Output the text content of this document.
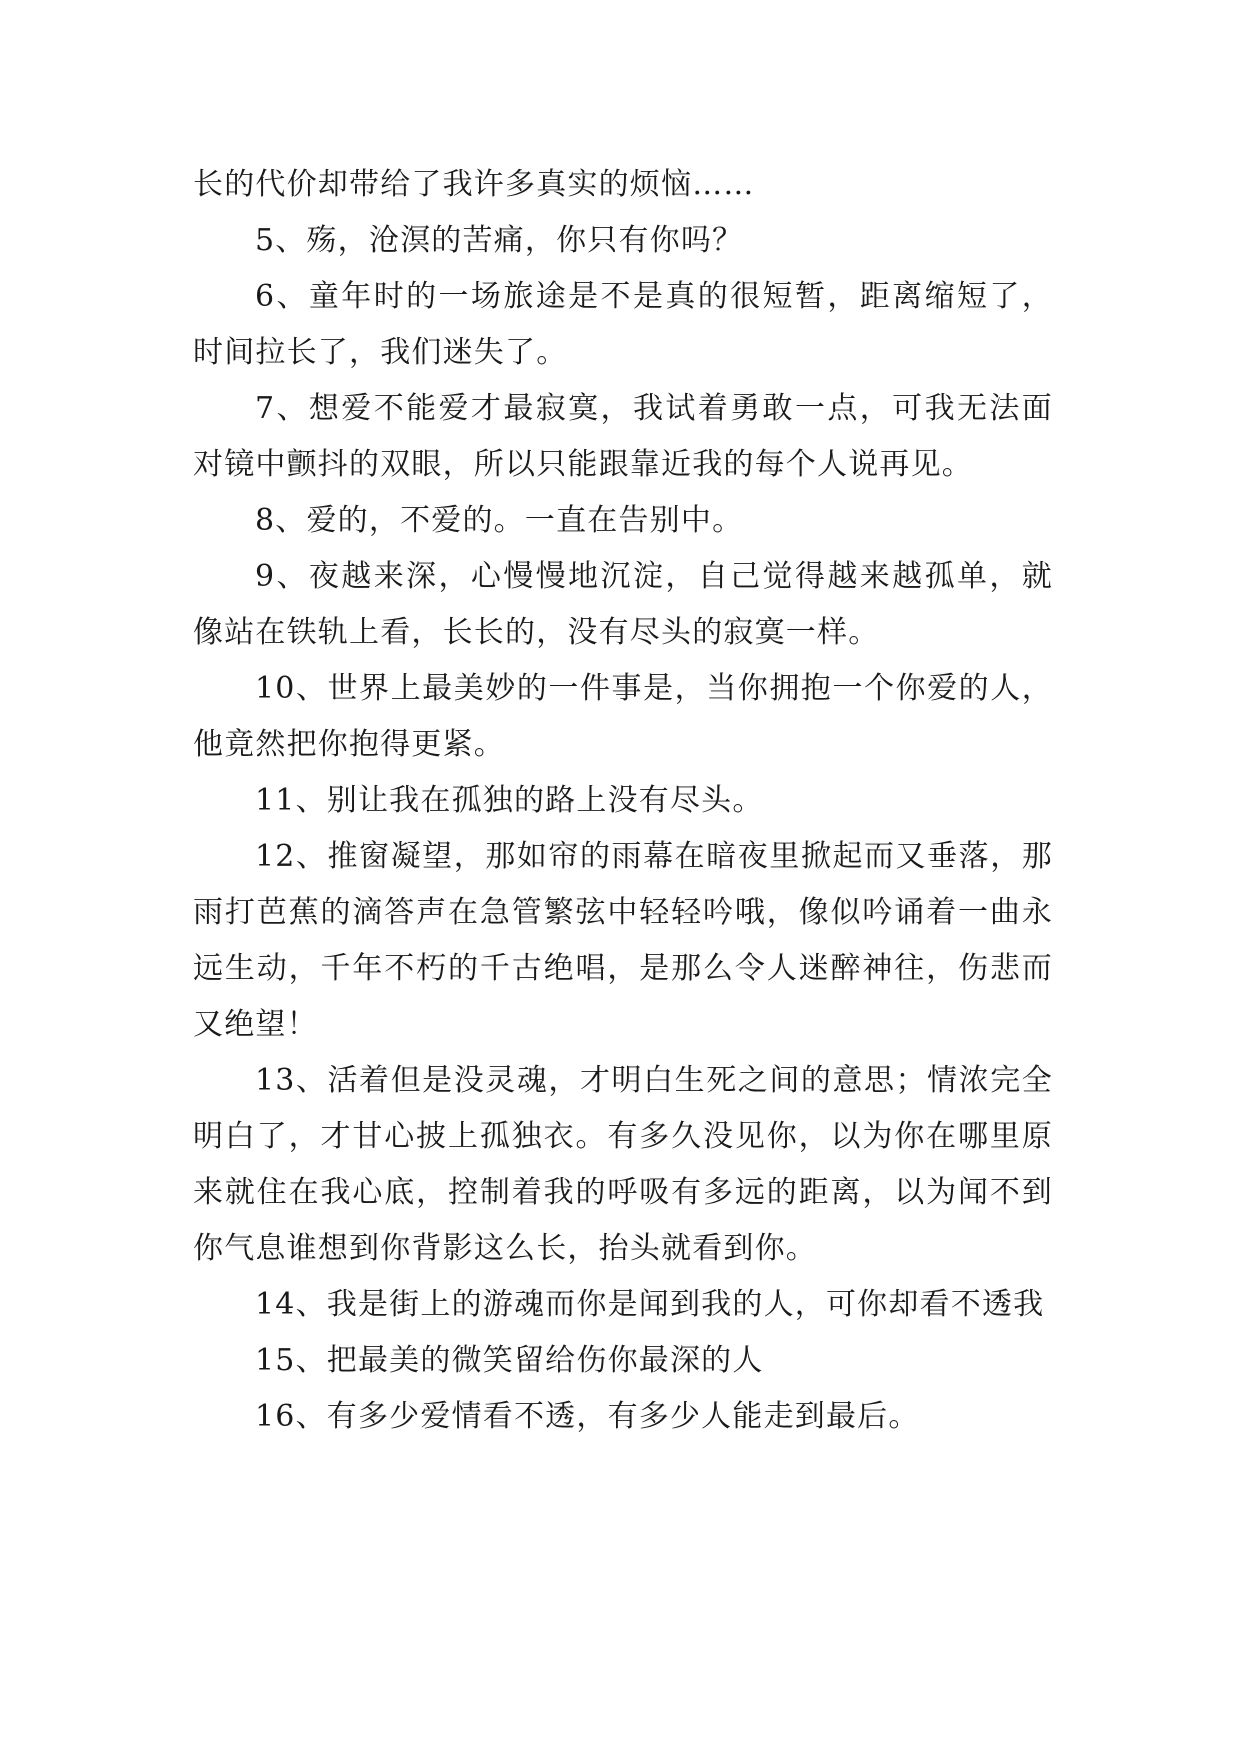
长的代价却带给了我许多真实的烦恼……

5、殇，沧溟的苦痛，你只有你吗？

6、童年时的一场旅途是不是真的很短暂，距离缩短了，时间拉长了，我们迷失了。

7、想爱不能爱才最寂寞，我试着勇敢一点，可我无法面对镜中颤抖的双眼，所以只能跟靠近我的每个人说再见。

8、爱的，不爱的。一直在告别中。

9、夜越来深，心慢慢地沉淀，自己觉得越来越孤单，就像站在铁轨上看，长长的，没有尽头的寂寞一样。

10、世界上最美妙的一件事是，当你拥抱一个你爱的人，他竟然把你抱得更紧。

11、别让我在孤独的路上没有尽头。

12、推窗凝望，那如帘的雨幕在暗夜里掀起而又垂落，那雨打芭蕉的滴答声在急管繁弦中轻轻吟哦，像似吟诵着一曲永远生动，千年不朽的千古绝唱，是那么令人迷醉神往，伤悲而又绝望！

13、活着但是没灵魂，才明白生死之间的意思；情浓完全明白了，才甘心披上孤独衣。有多久没见你，以为你在哪里原来就住在我心底，控制着我的呼吸有多远的距离，以为闻不到你气息谁想到你背影这么长，抬头就看到你。

14、我是街上的游魂而你是闻到我的人，可你却看不透我

15、把最美的微笑留给伤你最深的人

16、有多少爱情看不透，有多少人能走到最后。
